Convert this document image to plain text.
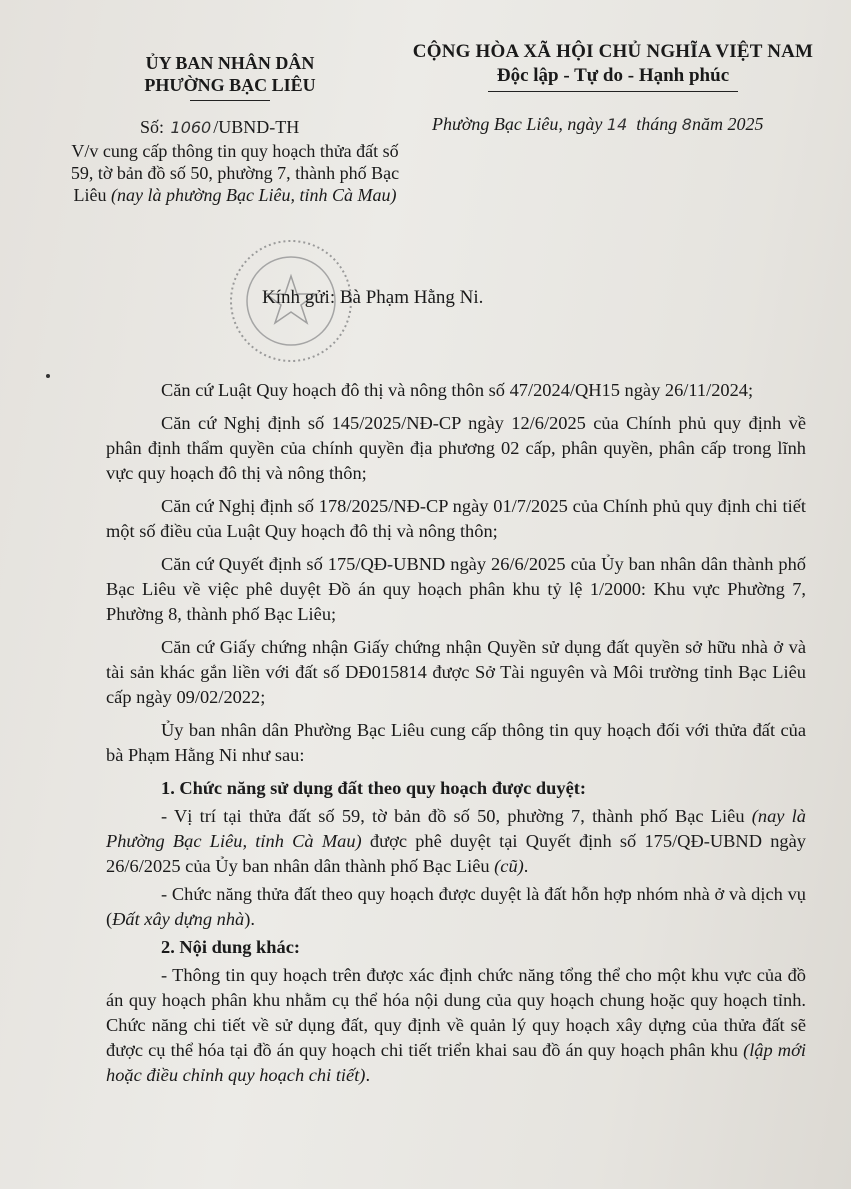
ỦY BAN NHÂN DÂN
PHƯỜNG BẠC LIÊU
CỘNG HÒA XÃ HỘI CHỦ NGHĨA VIỆT NAM
Độc lập - Tự do - Hạnh phúc
Số: 1060 /UBND-TH	Phường Bạc Liêu, ngày 14 tháng 8năm 2025
V/v cung cấp thông tin quy hoạch thửa đất số 59, tờ bản đồ số 50, phường 7, thành phố Bạc Liêu (nay là phường Bạc Liêu, tỉnh Cà Mau)
Kính gửi: Bà Phạm Hằng Ni.

Căn cứ Luật Quy hoạch đô thị và nông thôn số 47/2024/QH15 ngày 26/11/2024;

Căn cứ Nghị định số 145/2025/NĐ-CP ngày 12/6/2025 của Chính phủ quy định về phân định thẩm quyền của chính quyền địa phương 02 cấp, phân quyền, phân cấp trong lĩnh vực quy hoạch đô thị và nông thôn;

Căn cứ Nghị định số 178/2025/NĐ-CP ngày 01/7/2025 của Chính phủ quy định chi tiết một số điều của Luật Quy hoạch đô thị và nông thôn;

Căn cứ Quyết định số 175/QĐ-UBND ngày 26/6/2025 của Ủy ban nhân dân thành phố Bạc Liêu về việc phê duyệt Đồ án quy hoạch phân khu tỷ lệ 1/2000: Khu vực Phường 7, Phường 8, thành phố Bạc Liêu;

Căn cứ Giấy chứng nhận Giấy chứng nhận Quyền sử dụng đất quyền sở hữu nhà ở và tài sản khác gắn liền với đất số DĐ015814 được Sở Tài nguyên và Môi trường tỉnh Bạc Liêu cấp ngày 09/02/2022;

Ủy ban nhân dân Phường Bạc Liêu cung cấp thông tin quy hoạch đối với thửa đất của bà Phạm Hằng Ni như sau:

1. Chức năng sử dụng đất theo quy hoạch được duyệt:

- Vị trí tại thửa đất số 59, tờ bản đồ số 50, phường 7, thành phố Bạc Liêu (nay là Phường Bạc Liêu, tỉnh Cà Mau) được phê duyệt tại Quyết định số 175/QĐ-UBND ngày 26/6/2025 của Ủy ban nhân dân thành phố Bạc Liêu (cũ).

- Chức năng thửa đất theo quy hoạch được duyệt là đất hỗn hợp nhóm nhà ở và dịch vụ (Đất xây dựng nhà).

2. Nội dung khác:

- Thông tin quy hoạch trên được xác định chức năng tổng thể cho một khu vực của đồ án quy hoạch phân khu nhằm cụ thể hóa nội dung của quy hoạch chung hoặc quy hoạch tỉnh. Chức năng chi tiết về sử dụng đất, quy định về quản lý quy hoạch xây dựng của thửa đất sẽ được cụ thể hóa tại đồ án quy hoạch chi tiết triển khai sau đồ án quy hoạch phân khu (lập mới hoặc điều chỉnh quy hoạch chi tiết).
